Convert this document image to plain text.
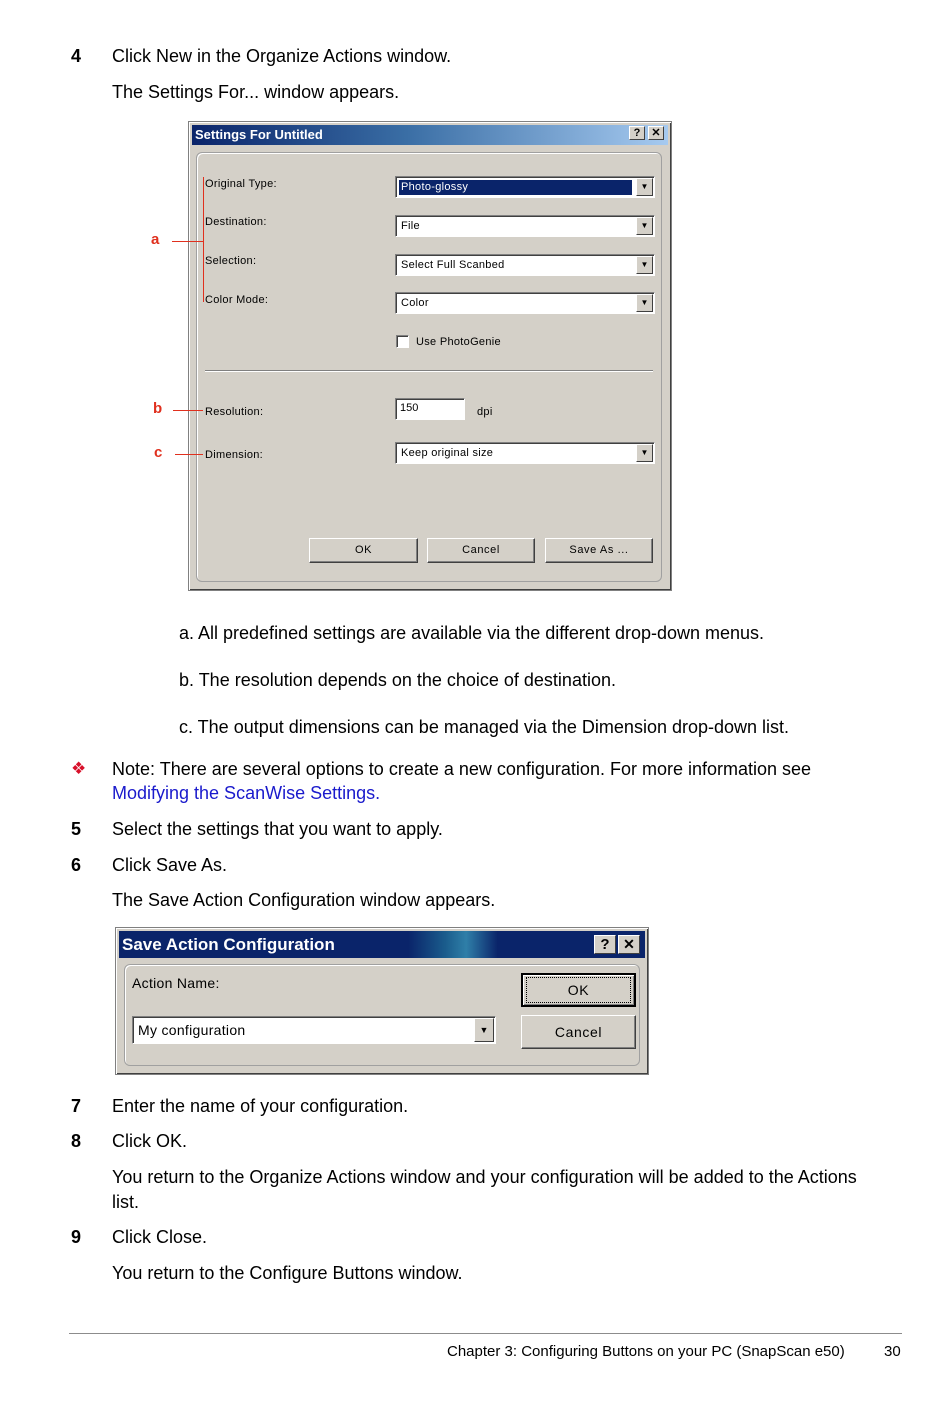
4 Click New in the Organize Actions window.
The Settings For... window appears.
Settings For Untitled	?	✕
Original Type:	Photo-glossy	▼
Destination:	File	▼
Selection:	Select Full Scanbed	▼
Color Mode:	Color	▼
Use PhotoGenie
Resolution:	150	dpi
Dimension:	Keep original size	▼
OK	Cancel	Save As ...
a
b
c
a. All predefined settings are available via the different drop-down menus.
b. The resolution depends on the choice of destination.
c. The output dimensions can be managed via the Dimension drop-down list.
❖ Note: There are several options to create a new configuration. For more information see
Modifying the ScanWise Settings.
5 Select the settings that you want to apply.
6 Click Save As.
The Save Action Configuration window appears.
Save Action Configuration	? ✕
Action Name:
My configuration	▼
OK
Cancel
7 Enter the name of your configuration.
8 Click OK.
You return to the Organize Actions window and your configuration will be added to the Actions
list.
9 Click Close.
You return to the Configure Buttons window.
Chapter 3: Configuring Buttons on your PC (SnapScan e50)	30
